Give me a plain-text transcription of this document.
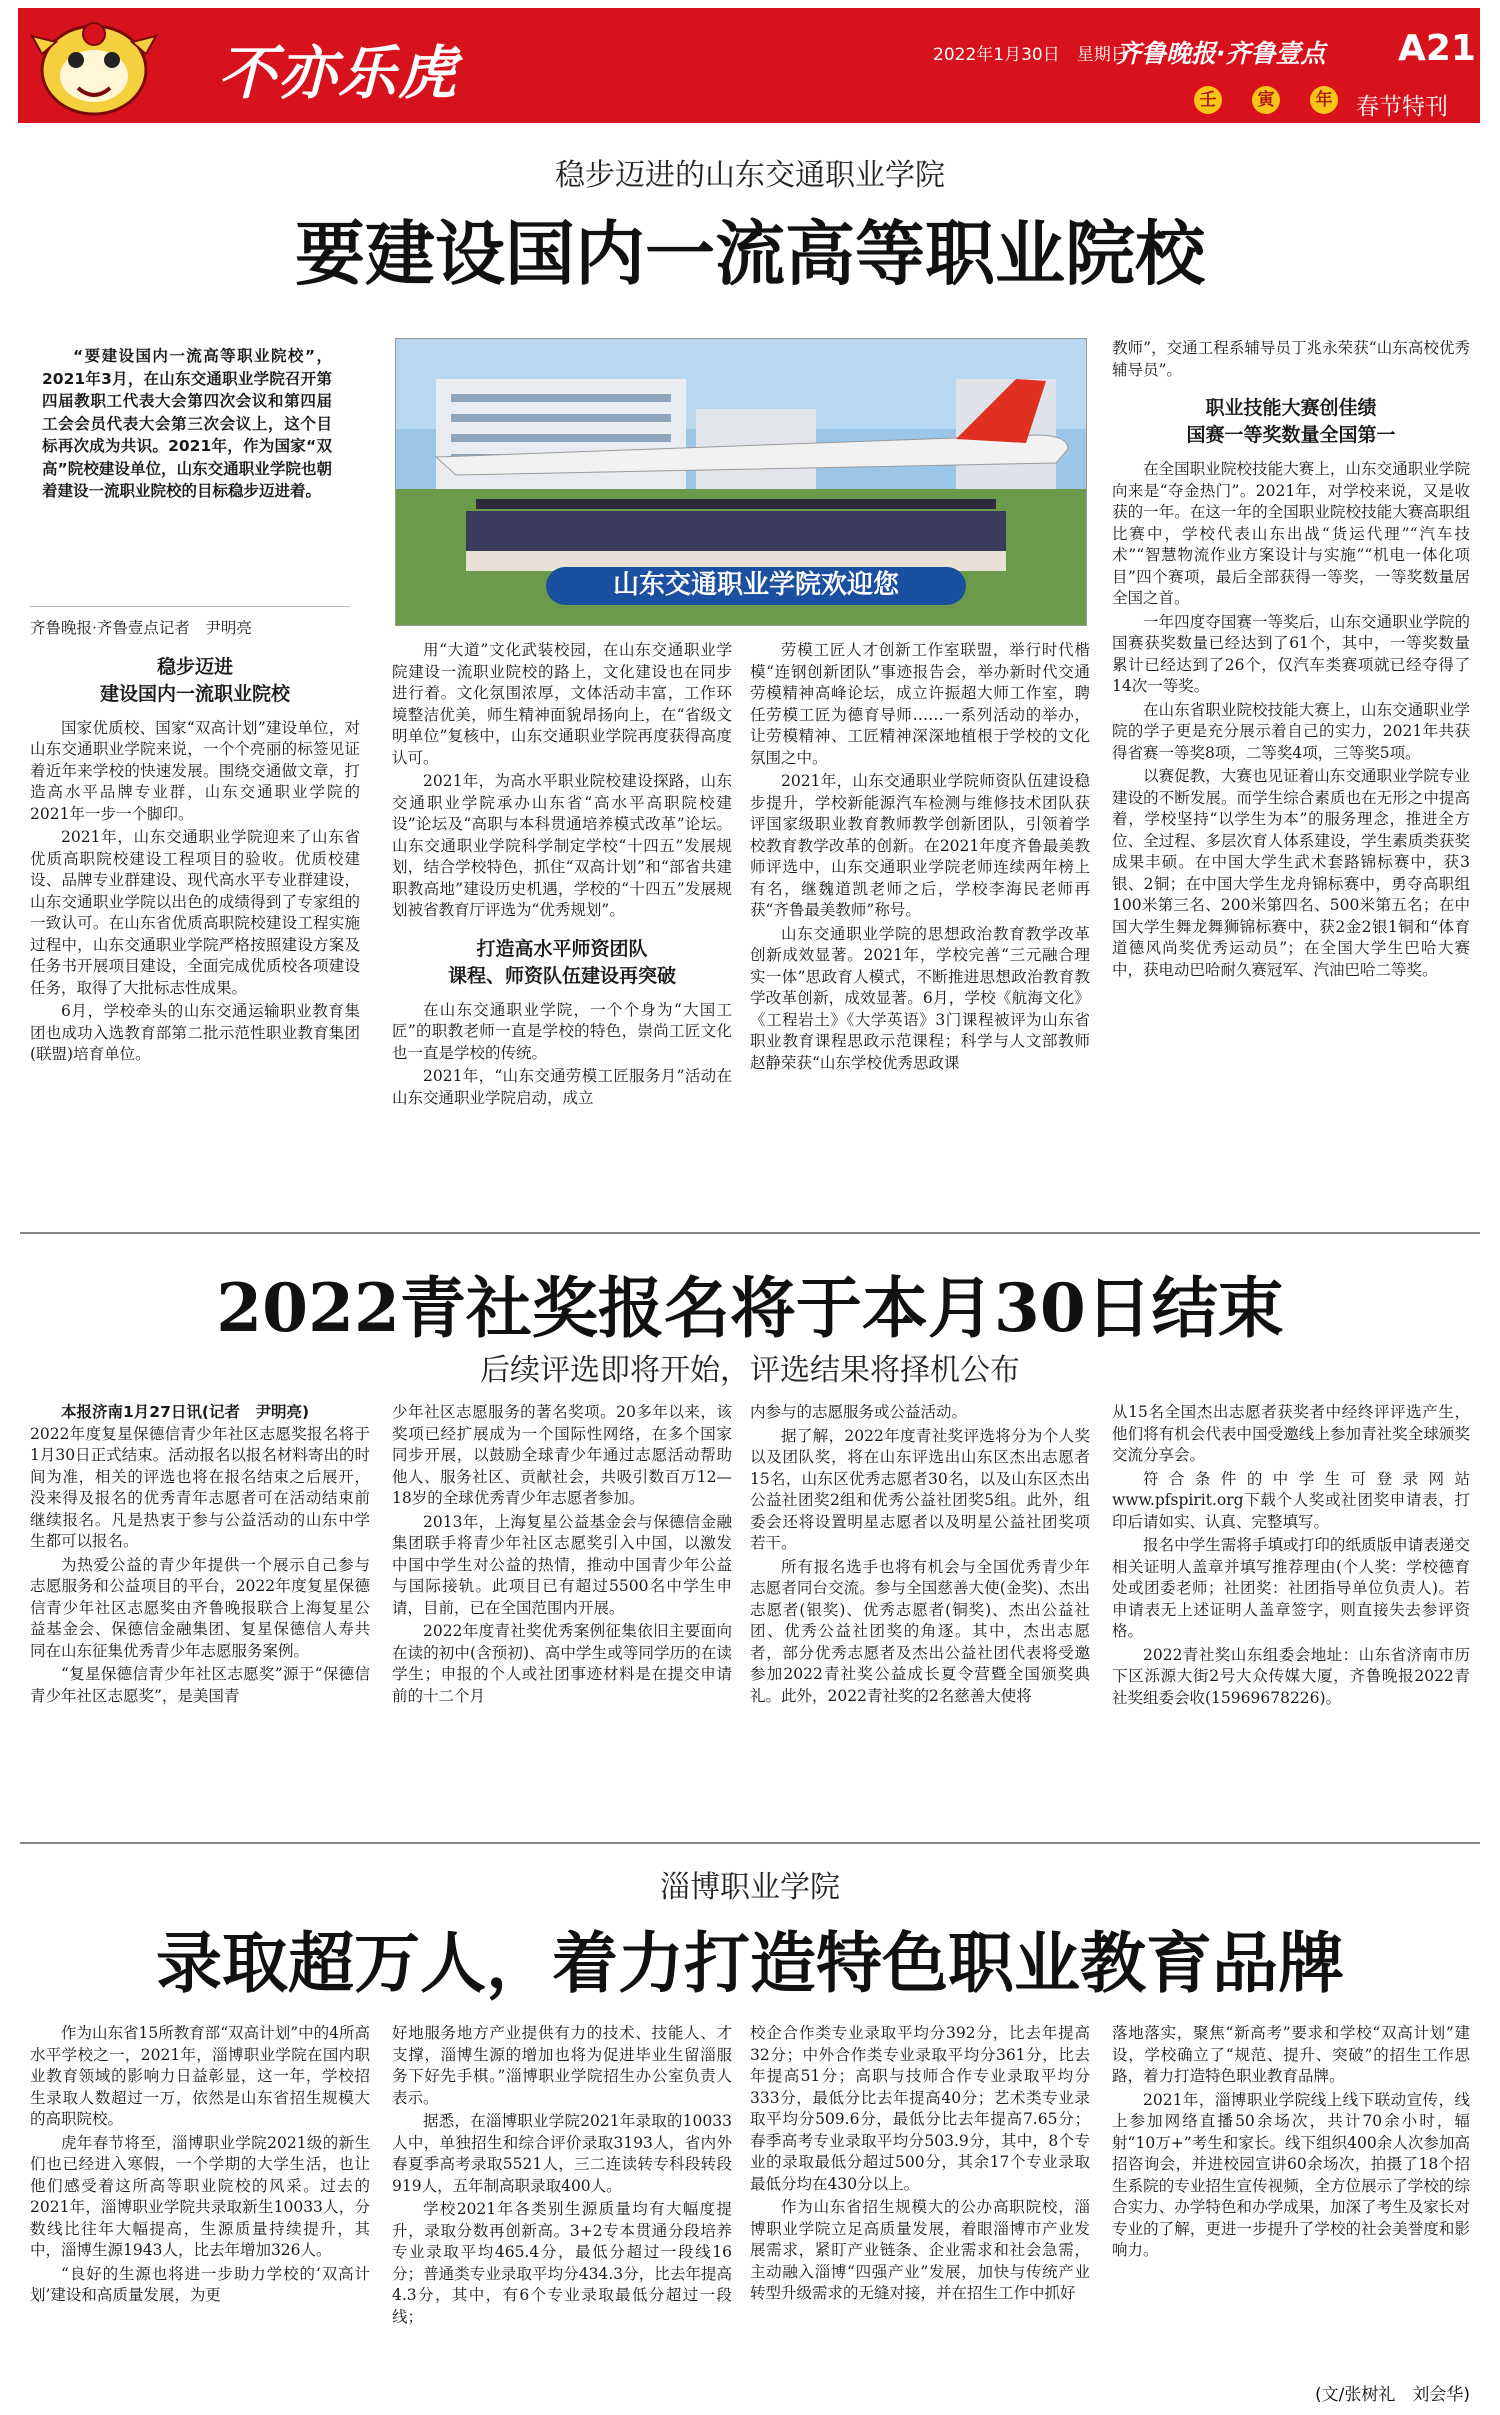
不亦乐虎	2022年1月30日　星期日
齐鲁晚报·齐鲁壹点 A21
壬	寅	年 春节特刊
稳步迈进的山东交通职业学院
要建设国内一流高等职业院校
“要建设国内一流高等职业院校”，2021年3月，在山东交通职业学院召开第四届教职工代表大会第四次会议和第四届工会会员代表大会第三次会议上，这个目标再次成为共识。2021年，作为国家“双高”院校建设单位，山东交通职业学院也朝着建设一流职业院校的目标稳步迈进着。
山东交通职业学院欢迎您
齐鲁晚报·齐鲁壹点记者　尹明亮
稳步迈进
建设国内一流职业院校

国家优质校、国家“双高计划”建设单位，对山东交通职业学院来说，一个个亮丽的标签见证着近年来学校的快速发展。围绕交通做文章，打造高水平品牌专业群，山东交通职业学院的2021年一步一个脚印。

2021年，山东交通职业学院迎来了山东省优质高职院校建设工程项目的验收。优质校建设、品牌专业群建设、现代高水平专业群建设，山东交通职业学院以出色的成绩得到了专家组的一致认可。在山东省优质高职院校建设工程实施过程中，山东交通职业学院严格按照建设方案及任务书开展项目建设，全面完成优质校各项建设任务，取得了大批标志性成果。

6月，学校牵头的山东交通运输职业教育集团也成功入选教育部第二批示范性职业教育集团(联盟)培育单位。

用“大道”文化武装校园，在山东交通职业学院建设一流职业院校的路上，文化建设也在同步进行着。文化氛围浓厚，文体活动丰富，工作环境整洁优美，师生精神面貌昂扬向上，在“省级文明单位”复核中，山东交通职业学院再度获得高度认可。

2021年，为高水平职业院校建设探路，山东交通职业学院承办山东省“高水平高职院校建设”论坛及“高职与本科贯通培养模式改革”论坛。山东交通职业学院科学制定学校“十四五”发展规划，结合学校特色，抓住“双高计划”和“部省共建职教高地”建设历史机遇，学校的“十四五”发展规划被省教育厅评选为“优秀规划”。

打造高水平师资团队
课程、师资队伍建设再突破

在山东交通职业学院，一个个身为“大国工匠”的职教老师一直是学校的特色，崇尚工匠文化也一直是学校的传统。

2021年，“山东交通劳模工匠服务月”活动在山东交通职业学院启动，成立

劳模工匠人才创新工作室联盟，举行时代楷模“连钢创新团队”事迹报告会，举办新时代交通劳模精神高峰论坛，成立许振超大师工作室，聘任劳模工匠为德育导师……一系列活动的举办，让劳模精神、工匠精神深深地植根于学校的文化氛围之中。

2021年，山东交通职业学院师资队伍建设稳步提升，学校新能源汽车检测与维修技术团队获评国家级职业教育教师教学创新团队，引领着学校教育教学改革的创新。在2021年度齐鲁最美教师评选中，山东交通职业学院老师连续两年榜上有名，继魏道凯老师之后，学校李海民老师再获“齐鲁最美教师”称号。

山东交通职业学院的思想政治教育教学改革创新成效显著。2021年，学校完善“三元融合理实一体”思政育人模式，不断推进思想政治教育教学改革创新，成效显著。6月，学校《航海文化》《工程岩土》《大学英语》3门课程被评为山东省职业教育课程思政示范课程；科学与人文部教师赵静荣获“山东学校优秀思政课

教师”，交通工程系辅导员丁兆永荣获“山东高校优秀辅导员”。

职业技能大赛创佳绩
国赛一等奖数量全国第一

在全国职业院校技能大赛上，山东交通职业学院向来是“夺金热门”。2021年，对学校来说，又是收获的一年。在这一年的全国职业院校技能大赛高职组比赛中，学校代表山东出战“货运代理”“汽车技术”“智慧物流作业方案设计与实施”“机电一体化项目”四个赛项，最后全部获得一等奖，一等奖数量居全国之首。

一年四度夺国赛一等奖后，山东交通职业学院的国赛获奖数量已经达到了61个，其中，一等奖数量累计已经达到了26个，仅汽车类赛项就已经夺得了14次一等奖。

在山东省职业院校技能大赛上，山东交通职业学院的学子更是充分展示着自己的实力，2021年共获得省赛一等奖8项，二等奖4项，三等奖5项。

以赛促教，大赛也见证着山东交通职业学院专业建设的不断发展。而学生综合素质也在无形之中提高着，学校坚持“以学生为本”的服务理念，推进全方位、全过程、多层次育人体系建设，学生素质类获奖成果丰硕。在中国大学生武术套路锦标赛中，获3银、2铜；在中国大学生龙舟锦标赛中，勇夺高职组100米第三名、200米第四名、500米第五名；在中国大学生舞龙舞狮锦标赛中，获2金2银1铜和“体育道德风尚奖优秀运动员”；在全国大学生巴哈大赛中，获电动巴哈耐久赛冠军、汽油巴哈二等奖。

2022青社奖报名将于本月30日结束
后续评选即将开始，评选结果将择机公布
本报济南1月27日讯(记者　尹明亮)

2022年度复星保德信青少年社区志愿奖报名将于1月30日正式结束。活动报名以报名材料寄出的时间为准，相关的评选也将在报名结束之后展开，没来得及报名的优秀青年志愿者可在活动结束前继续报名。凡是热衷于参与公益活动的山东中学生都可以报名。

为热爱公益的青少年提供一个展示自己参与志愿服务和公益项目的平台，2022年度复星保德信青少年社区志愿奖由齐鲁晚报联合上海复星公益基金会、保德信金融集团、复星保德信人寿共同在山东征集优秀青少年志愿服务案例。

“复星保德信青少年社区志愿奖”源于“保德信青少年社区志愿奖”，是美国青

少年社区志愿服务的著名奖项。20多年以来，该奖项已经扩展成为一个国际性网络，在多个国家同步开展，以鼓励全球青少年通过志愿活动帮助他人、服务社区、贡献社会，共吸引数百万12—18岁的全球优秀青少年志愿者参加。

2013年，上海复星公益基金会与保德信金融集团联手将青少年社区志愿奖引入中国，以激发中国中学生对公益的热情，推动中国青少年公益与国际接轨。此项目已有超过5500名中学生申请，目前，已在全国范围内开展。

2022年度青社奖优秀案例征集依旧主要面向在读的初中(含预初)、高中学生或等同学历的在读学生；申报的个人或社团事迹材料是在提交申请前的十二个月

内参与的志愿服务或公益活动。

据了解，2022年度青社奖评选将分为个人奖以及团队奖，将在山东评选出山东区杰出志愿者15名，山东区优秀志愿者30名，以及山东区杰出公益社团奖2组和优秀公益社团奖5组。此外，组委会还将设置明星志愿者以及明星公益社团奖项若干。

所有报名选手也将有机会与全国优秀青少年志愿者同台交流。参与全国慈善大使(金奖)、杰出志愿者(银奖)、优秀志愿者(铜奖)、杰出公益社团、优秀公益社团奖的角逐。其中，杰出志愿者，部分优秀志愿者及杰出公益社团代表将受邀参加2022青社奖公益成长夏令营暨全国颁奖典礼。此外，2022青社奖的2名慈善大使将

从15名全国杰出志愿者获奖者中经终评评选产生，他们将有机会代表中国受邀线上参加青社奖全球颁奖交流分享会。

符合条件的中学生可登录网站www.pfspirit.org下载个人奖或社团奖申请表，打印后请如实、认真、完整填写。

报名中学生需将手填或打印的纸质版申请表递交相关证明人盖章并填写推荐理由(个人奖：学校德育处或团委老师；社团奖：社团指导单位负责人)。若申请表无上述证明人盖章签字，则直接失去参评资格。

2022青社奖山东组委会地址：山东省济南市历下区泺源大街2号大众传媒大厦，齐鲁晚报2022青社奖组委会收(15969678226)。

淄博职业学院
录取超万人，着力打造特色职业教育品牌

作为山东省15所教育部“双高计划”中的4所高水平学校之一，2021年，淄博职业学院在国内职业教育领域的影响力日益彰显，这一年，学校招生录取人数超过一万，依然是山东省招生规模大的高职院校。

虎年春节将至，淄博职业学院2021级的新生们也已经进入寒假，一个学期的大学生活，也让他们感受着这所高等职业院校的风采。过去的2021年，淄博职业学院共录取新生10033人，分数线比往年大幅提高，生源质量持续提升，其中，淄博生源1943人，比去年增加326人。

“良好的生源也将进一步助力学校的‘双高计划’建设和高质量发展，为更

好地服务地方产业提供有力的技术、技能人、才支撑，淄博生源的增加也将为促进毕业生留淄服务下好先手棋。”淄博职业学院招生办公室负责人表示。

据悉，在淄博职业学院2021年录取的10033人中，单独招生和综合评价录取3193人，省内外春夏季高考录取5521人，三二连读转专科段转段919人，五年制高职录取400人。

学校2021年各类别生源质量均有大幅度提升，录取分数再创新高。3+2专本贯通分段培养专业录取平均465.4分，最低分超过一段线16分；普通类专业录取平均分434.3分，比去年提高4.3分，其中，有6个专业录取最低分超过一段线；

校企合作类专业录取平均分392分，比去年提高32分；中外合作类专业录取平均分361分，比去年提高51分；高职与技师合作专业录取平均分333分，最低分比去年提高40分；艺术类专业录取平均分509.6分，最低分比去年提高7.65分；春季高考专业录取平均分503.9分，其中，8个专业的录取最低分超过500分，其余17个专业录取最低分均在430分以上。

作为山东省招生规模大的公办高职院校，淄博职业学院立足高质量发展，着眼淄博市产业发展需求，紧盯产业链条、企业需求和社会急需，主动融入淄博“四强产业”发展，加快与传统产业转型升级需求的无缝对接，并在招生工作中抓好

落地落实，聚焦“新高考”要求和学校“双高计划”建设，学校确立了“规范、提升、突破”的招生工作思路，着力打造特色职业教育品牌。

2021年，淄博职业学院线上线下联动宣传，线上参加网络直播50余场次，共计70余小时，辐射“10万+”考生和家长。线下组织400余人次参加高招咨询会，并进校园宣讲60余场次，拍摄了18个招生系院的专业招生宣传视频，全方位展示了学校的综合实力、办学特色和办学成果，加深了考生及家长对专业的了解，更进一步提升了学校的社会美誉度和影响力。

(文/张树礼　刘会华)
